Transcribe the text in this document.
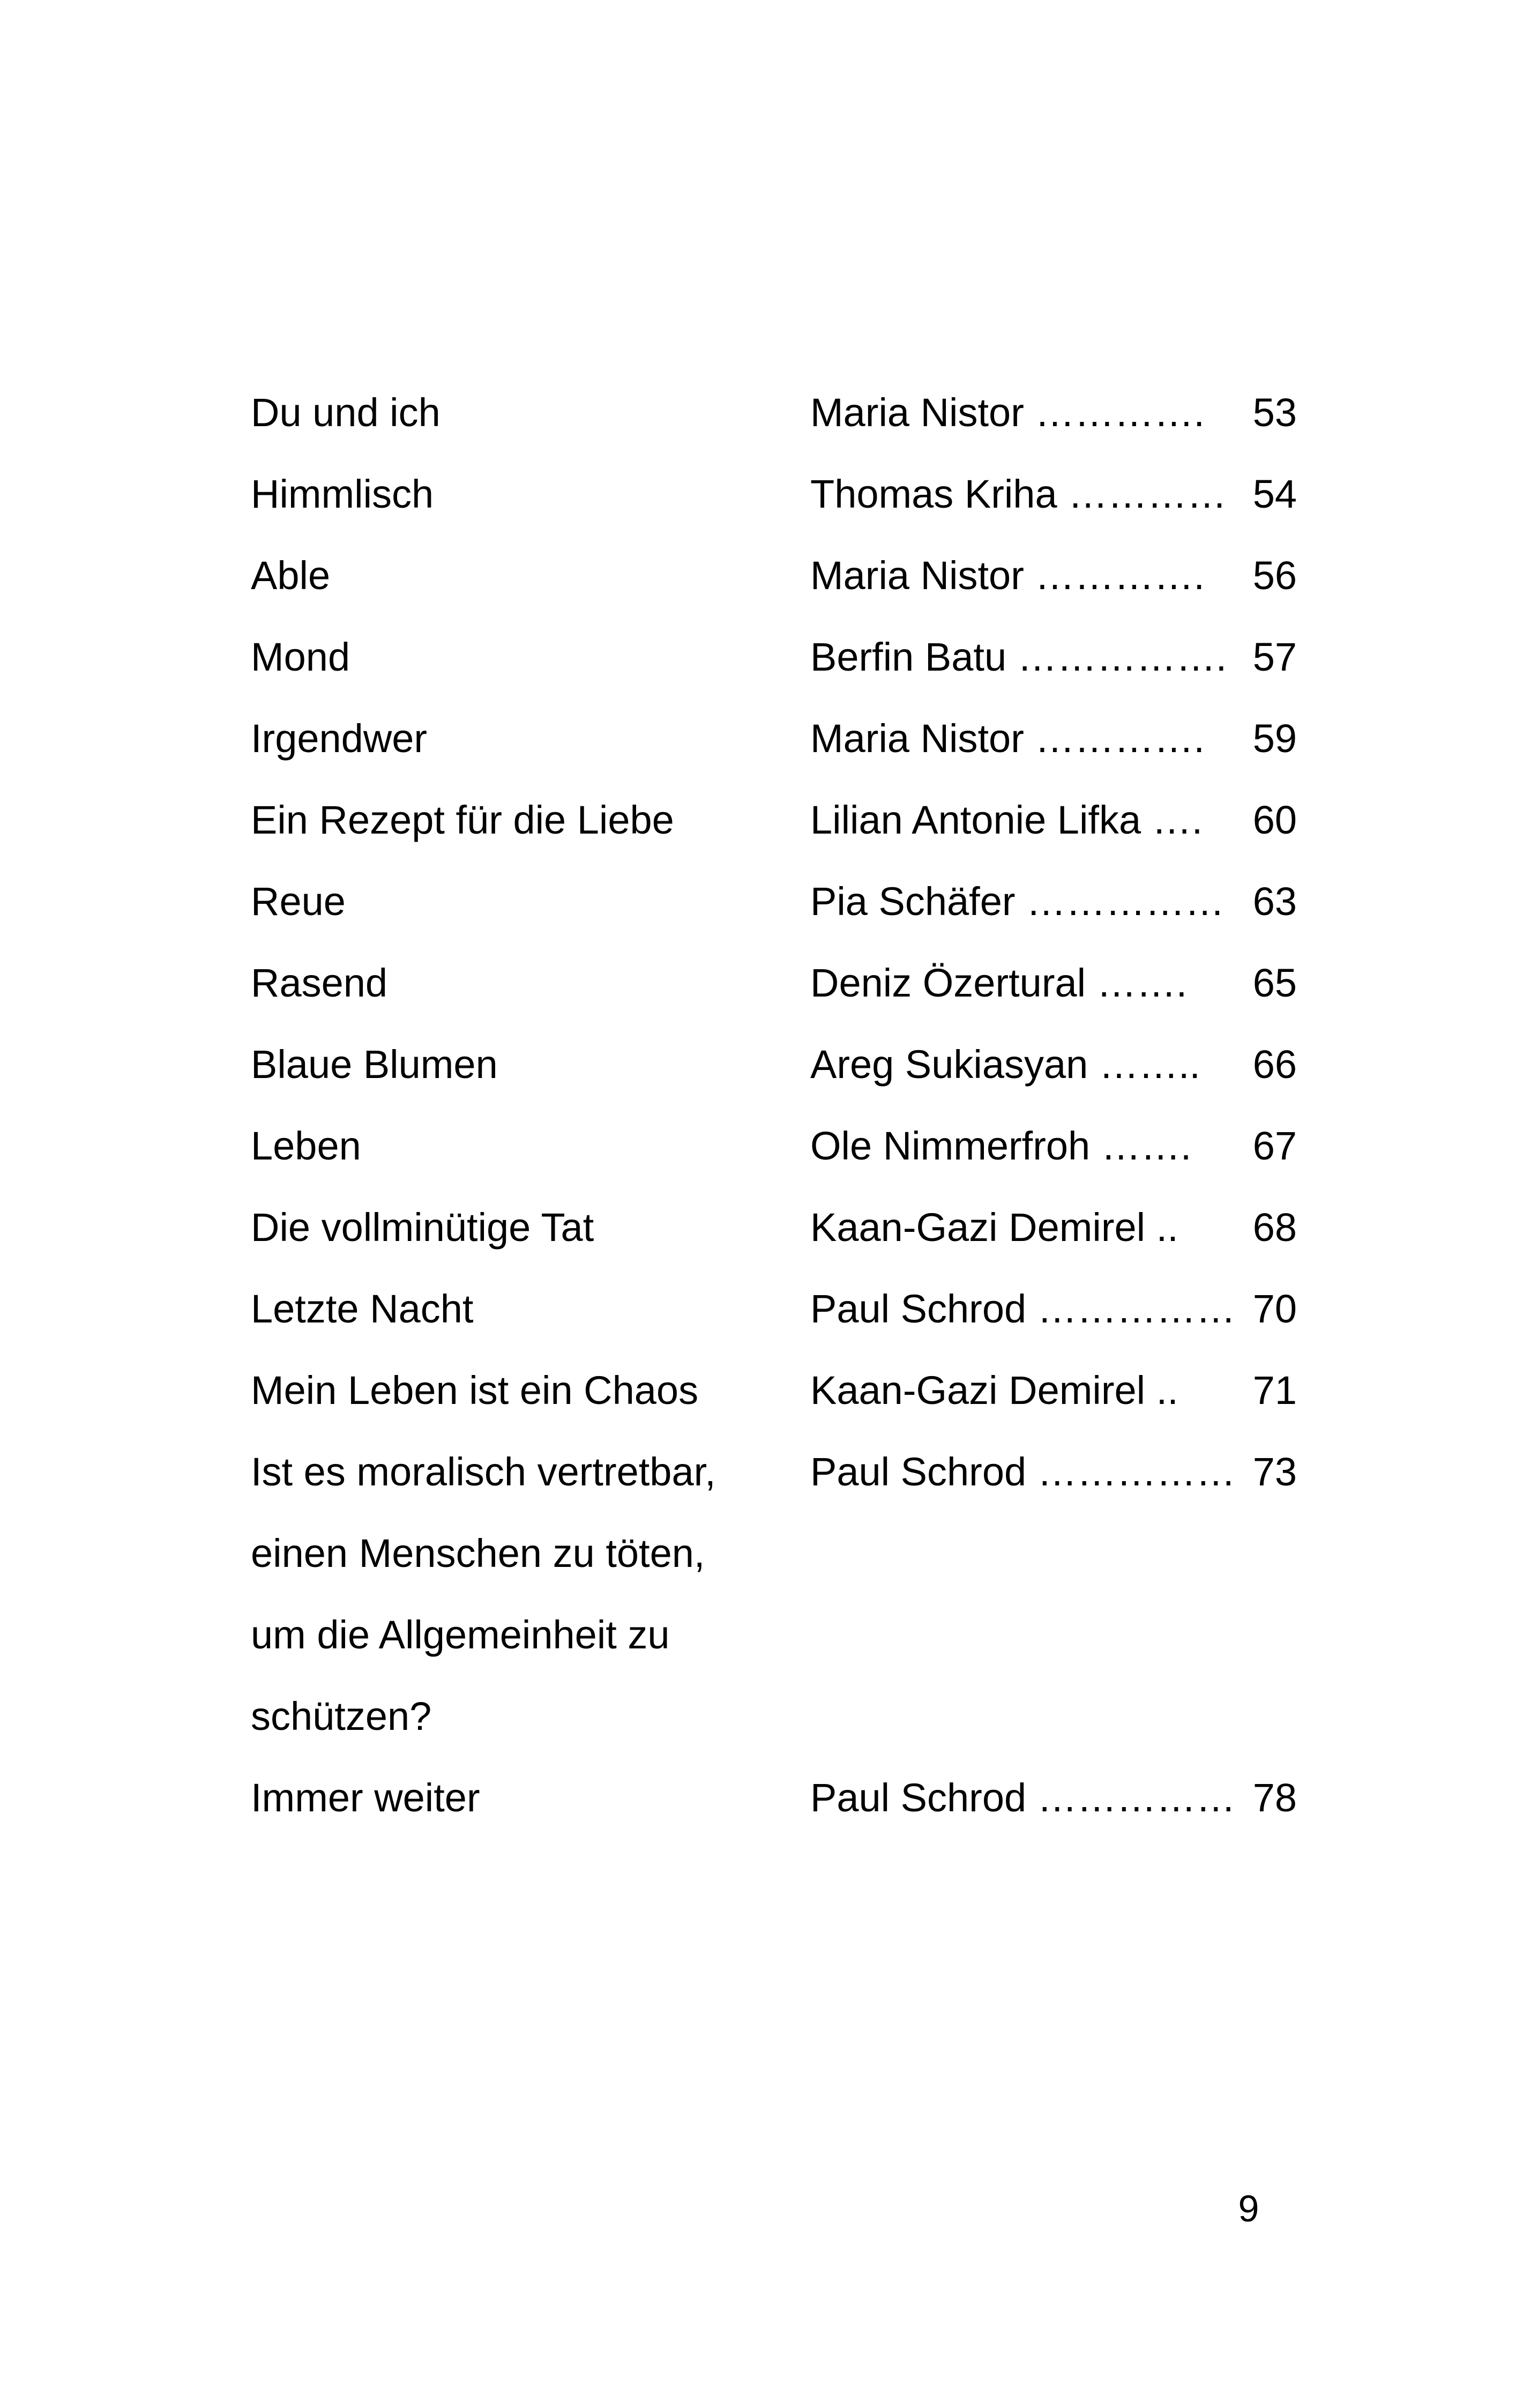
Du und ich	Maria Nistor ………….	53
Himmlisch	Thomas Kriha ………… 54
Able	Maria Nistor ………….	56
Mond	Berfin Batu ……………. 57
Irgendwer	Maria Nistor ………….	59
Ein Rezept für die Liebe	Lilian Antonie Lifka ….	60
Reue	Pia Schäfer …………… 63
Rasend	Deniz Özertural …….	65
Blaue Blumen	Areg Sukiasyan ……..	66
Leben	Ole Nimmerfroh …….	67
Die vollminütige Tat	Kaan-Gazi Demirel ..	68
Letzte Nacht	Paul Schrod …………… 70
Mein Leben ist ein Chaos	Kaan-Gazi Demirel ..	71
Ist es moralisch vertretbar, Paul Schrod …………… 73
einen Menschen zu töten,
um die Allgemeinheit zu
schützen?
Immer weiter	Paul Schrod …………… 78
9
